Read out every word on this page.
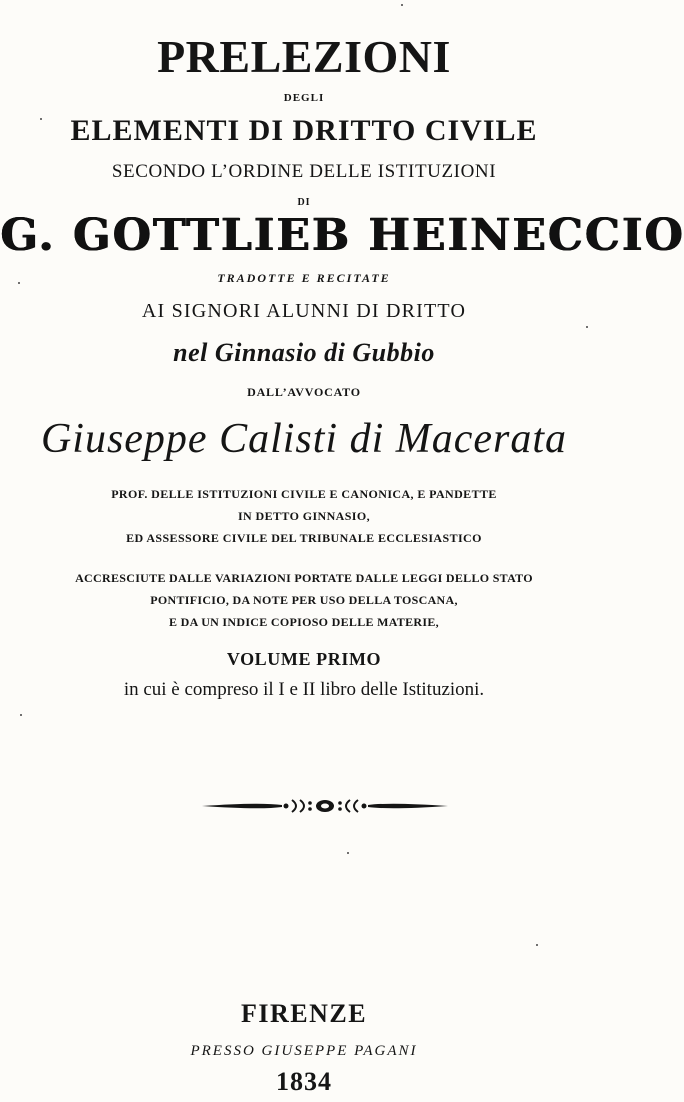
PRELEZIONI

DEGLI

ELEMENTI DI DRITTO CIVILE

SECONDO L’ORDINE DELLE ISTITUZIONI

DI

G. GOTTLIEB HEINECCIO

TRADOTTE E RECITATE

AI SIGNORI ALUNNI DI DRITTO

nel Ginnasio di Gubbio

DALL’AVVOCATO

Giuseppe Calisti di Macerata

PROF. DELLE ISTITUZIONI CIVILE E CANONICA, E PANDETTE

IN DETTO GINNASIO,

ED ASSESSORE CIVILE DEL TRIBUNALE ECCLESIASTICO

ACCRESCIUTE DALLE VARIAZIONI PORTATE DALLE LEGGI DELLO STATO

PONTIFICIO, DA NOTE PER USO DELLA TOSCANA,

E DA UN INDICE COPIOSO DELLE MATERIE,

VOLUME PRIMO

in cui è compreso il I e II libro delle Istituzioni.

FIRENZE

PRESSO GIUSEPPE PAGANI

1834
